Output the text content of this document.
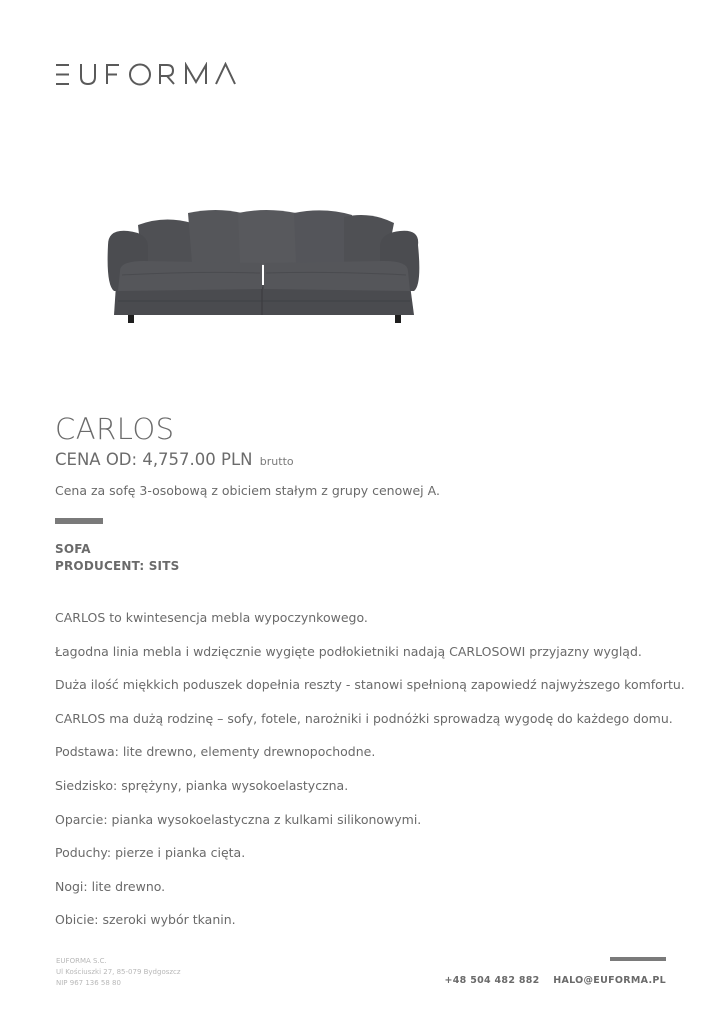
CARLOS
CENA OD: 4,757.00 PLN brutto
Cena za sofę 3-osobową z obiciem stałym z grupy cenowej A.
SOFA
PRODUCENT: SITS

CARLOS to kwintesencja mebla wypoczynkowego.

Łagodna linia mebla i wdzięcznie wygięte podłokietniki nadają CARLOSOWI przyjazny wygląd.

Duża ilość miękkich poduszek dopełnia reszty - stanowi spełnioną zapowiedź najwyższego komfortu.

CARLOS ma dużą rodzinę – sofy, fotele, narożniki i podnóżki sprowadzą wygodę do każdego domu.

Podstawa: lite drewno, elementy drewnopochodne.

Siedzisko: sprężyny, pianka wysokoelastyczna.

Oparcie: pianka wysokoelastyczna z kulkami silikonowymi.

Poduchy: pierze i pianka cięta.

Nogi: lite drewno.

Obicie: szeroki wybór tkanin.

EUFORMA S.C.
Ul Kościuszki 27, 85-079 Bydgoszcz
NIP 967 136 58 80	+48 504 482 882 HALO@EUFORMA.PL
